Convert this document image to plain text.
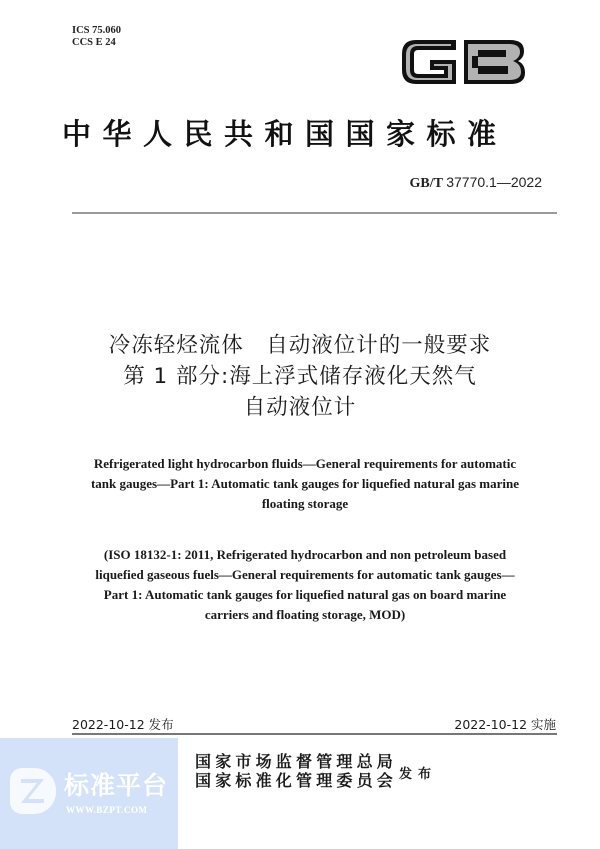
ICS 75.060
CCS E 24
中华人民共和国国家标准
GB/T 37770.1—2022
冷冻轻烃流体　自动液位计的一般要求
第 1 部分:海上浮式储存液化天然气
自动液位计
Refrigerated light hydrocarbon fluids—General requirements for automatic
tank gauges—Part 1: Automatic tank gauges for liquefied natural gas marine
floating storage
(ISO 18132-1: 2011, Refrigerated hydrocarbon and non petroleum based
liquefied gaseous fuels—General requirements for automatic tank gauges—
Part 1: Automatic tank gauges for liquefied natural gas on board marine
carriers and floating storage, MOD)
2022-10-12 发布	2022-10-12 实施
标准平台
WWW.BZPT.COM
国家市场监督管理总局
国家标准化管理委员会 发布
